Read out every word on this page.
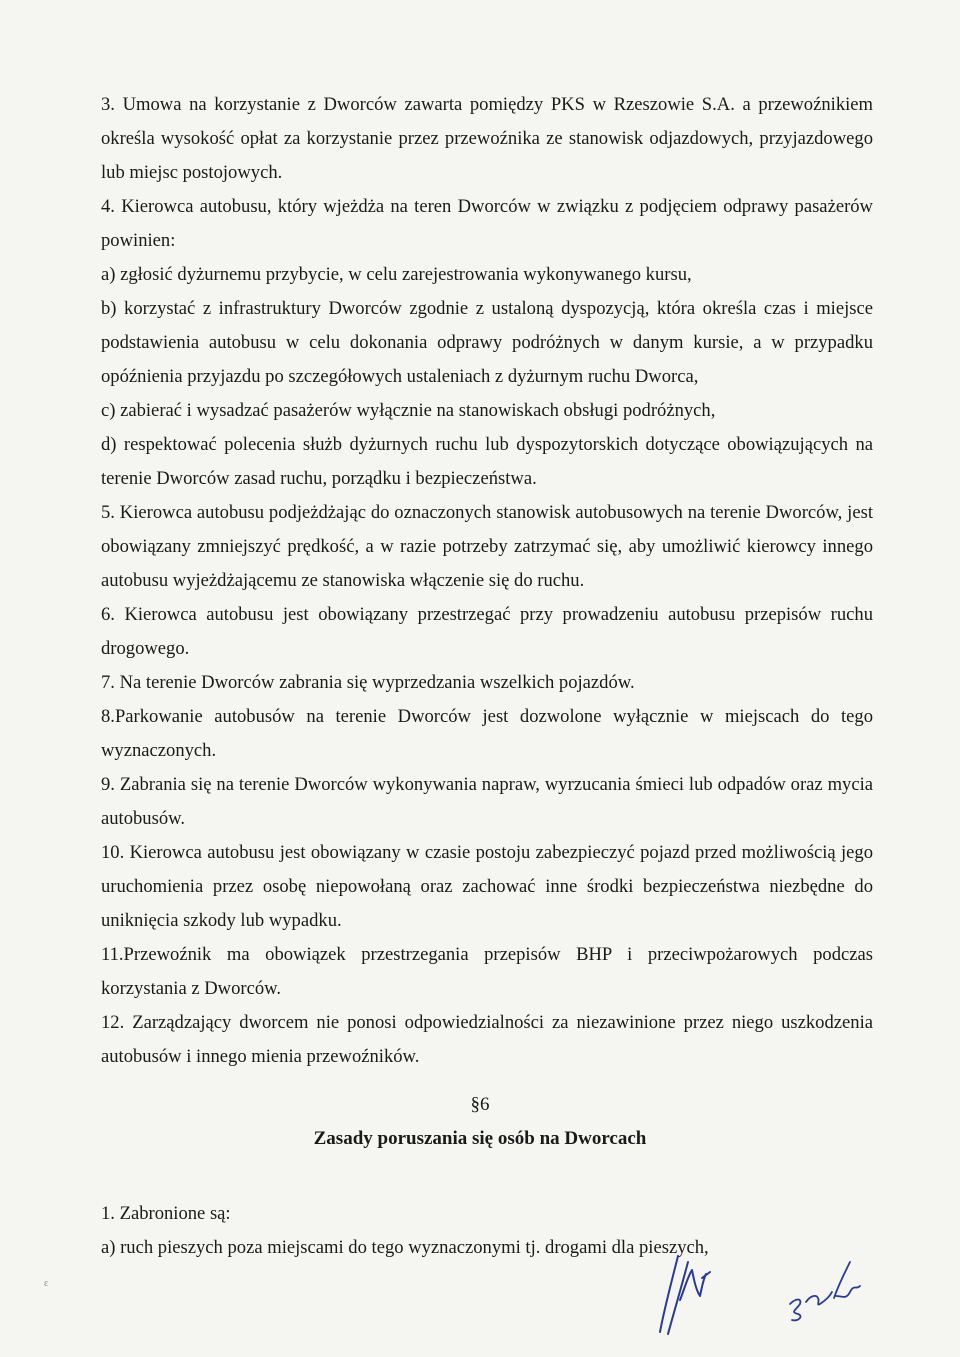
3. Umowa na korzystanie z Dworców zawarta pomiędzy PKS w Rzeszowie S.A. a przewoźnikiem określa wysokość opłat za korzystanie przez przewoźnika ze stanowisk odjazdowych, przyjazdowego lub miejsc postojowych.

4. Kierowca autobusu, który wjeżdża na teren Dworców w związku z podjęciem odprawy pasażerów powinien:

a) zgłosić dyżurnemu przybycie, w celu zarejestrowania wykonywanego kursu,

b) korzystać z infrastruktury Dworców zgodnie z ustaloną dyspozycją, która określa czas i miejsce podstawienia autobusu w celu dokonania odprawy podróżnych w danym kursie, a w przypadku opóźnienia przyjazdu po szczegółowych ustaleniach z dyżurnym ruchu Dworca,

c) zabierać i wysadzać pasażerów wyłącznie na stanowiskach obsługi podróżnych,

d) respektować polecenia służb dyżurnych ruchu lub dyspozytorskich dotyczące obowiązujących na terenie Dworców zasad ruchu, porządku i bezpieczeństwa.

5. Kierowca autobusu podjeżdżając do oznaczonych stanowisk autobusowych na terenie Dworców, jest obowiązany zmniejszyć prędkość, a w razie potrzeby zatrzymać się, aby umożliwić kierowcy innego autobusu wyjeżdżającemu ze stanowiska włączenie się do ruchu.

6. Kierowca autobusu jest obowiązany przestrzegać przy prowadzeniu autobusu przepisów ruchu drogowego.

7. Na terenie Dworców zabrania się wyprzedzania wszelkich pojazdów.

8.Parkowanie autobusów na terenie Dworców jest dozwolone wyłącznie w miejscach do tego wyznaczonych.

9. Zabrania się na terenie Dworców wykonywania napraw, wyrzucania śmieci lub odpadów oraz mycia autobusów.

10. Kierowca autobusu jest obowiązany w czasie postoju zabezpieczyć pojazd przed możliwością jego uruchomienia przez osobę niepowołaną oraz zachować inne środki bezpieczeństwa niezbędne do uniknięcia szkody lub wypadku.

11.Przewoźnik ma obowiązek przestrzegania przepisów BHP i przeciwpożarowych podczas korzystania z Dworców.

12. Zarządzający dworcem nie ponosi odpowiedzialności za niezawinione przez niego uszkodzenia autobusów i innego mienia przewoźników.

§6
Zasady poruszania się osób na Dworcach

1. Zabronione są:

a) ruch pieszych poza miejscami do tego wyznaczonymi tj. drogami dla pieszych,

ε
